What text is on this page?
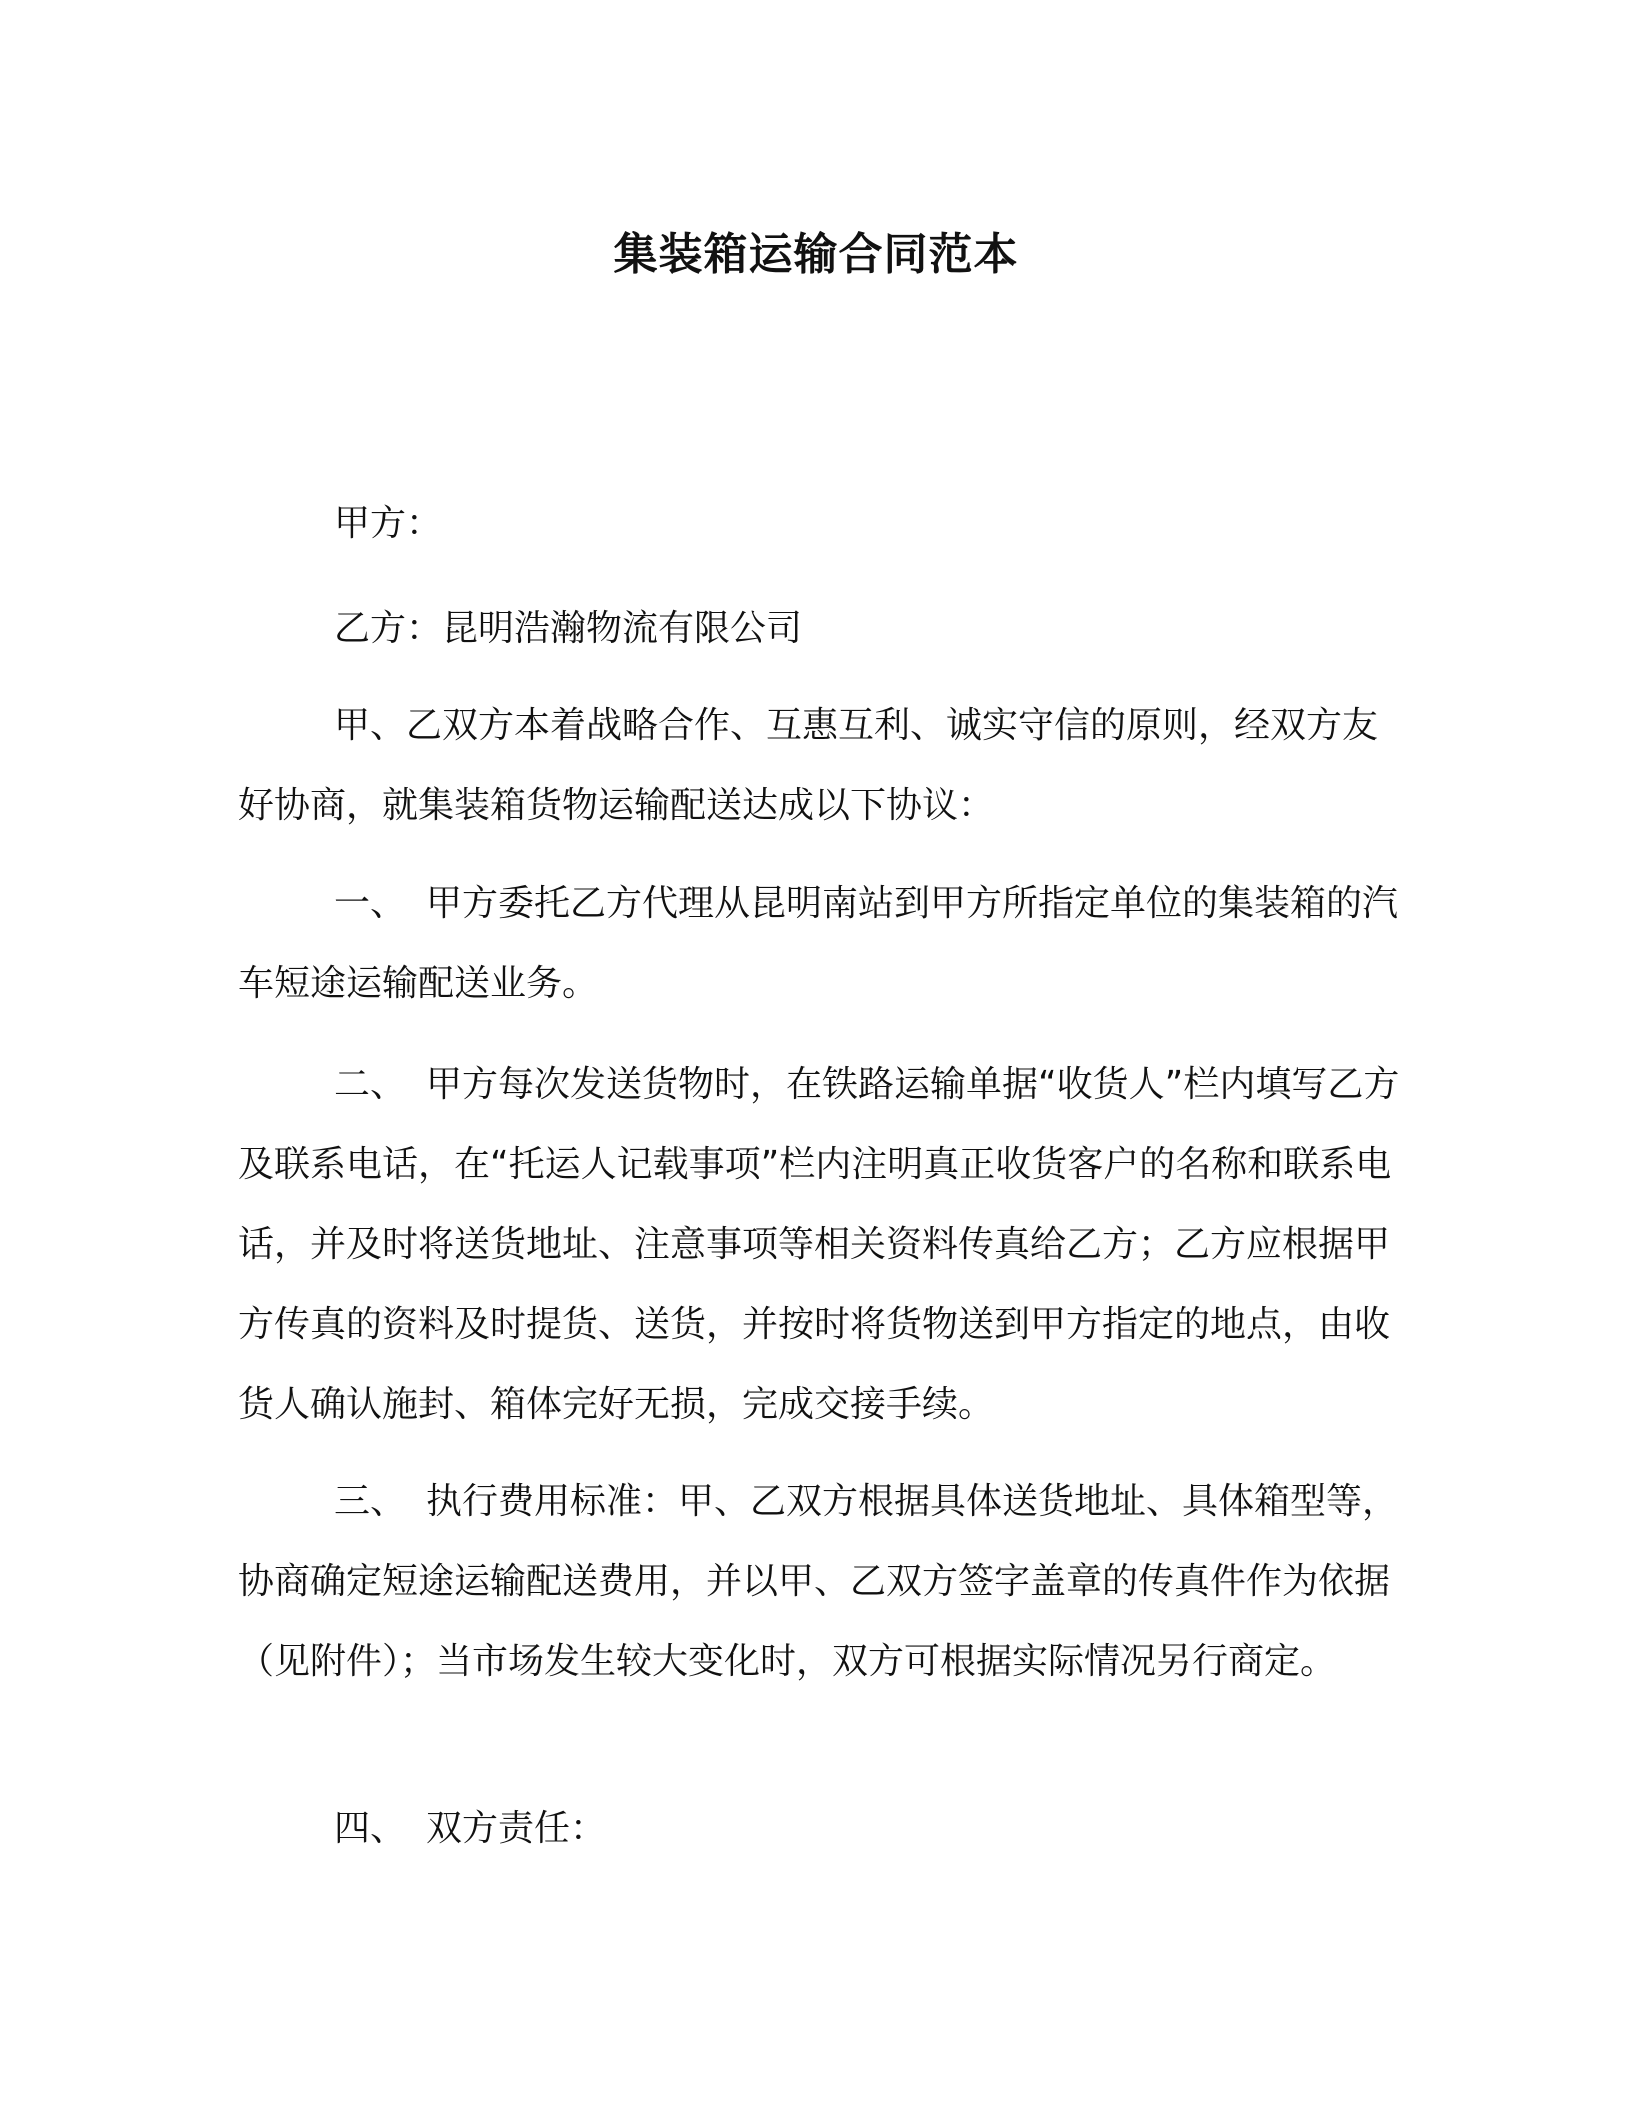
集装箱运输合同范本

甲方：

乙方：昆明浩瀚物流有限公司

甲、乙双方本着战略合作、互惠互利、诚实守信的原则，经双方友好协商，就集装箱货物运输配送达成以下协议：

一、 甲方委托乙方代理从昆明南站到甲方所指定单位的集装箱的汽车短途运输配送业务。

二、 甲方每次发送货物时，在铁路运输单据“收货人”栏内填写乙方及联系电话，在“托运人记载事项”栏内注明真正收货客户的名称和联系电话，并及时将送货地址、注意事项等相关资料传真给乙方；乙方应根据甲方传真的资料及时提货、送货，并按时将货物送到甲方指定的地点，由收货人确认施封、箱体完好无损，完成交接手续。

三、 执行费用标准：甲、乙双方根据具体送货地址、具体箱型等，协商确定短途运输配送费用，并以甲、乙双方签字盖章的传真件作为依据（见附件）；当市场发生较大变化时，双方可根据实际情况另行商定。

四、 双方责任：
